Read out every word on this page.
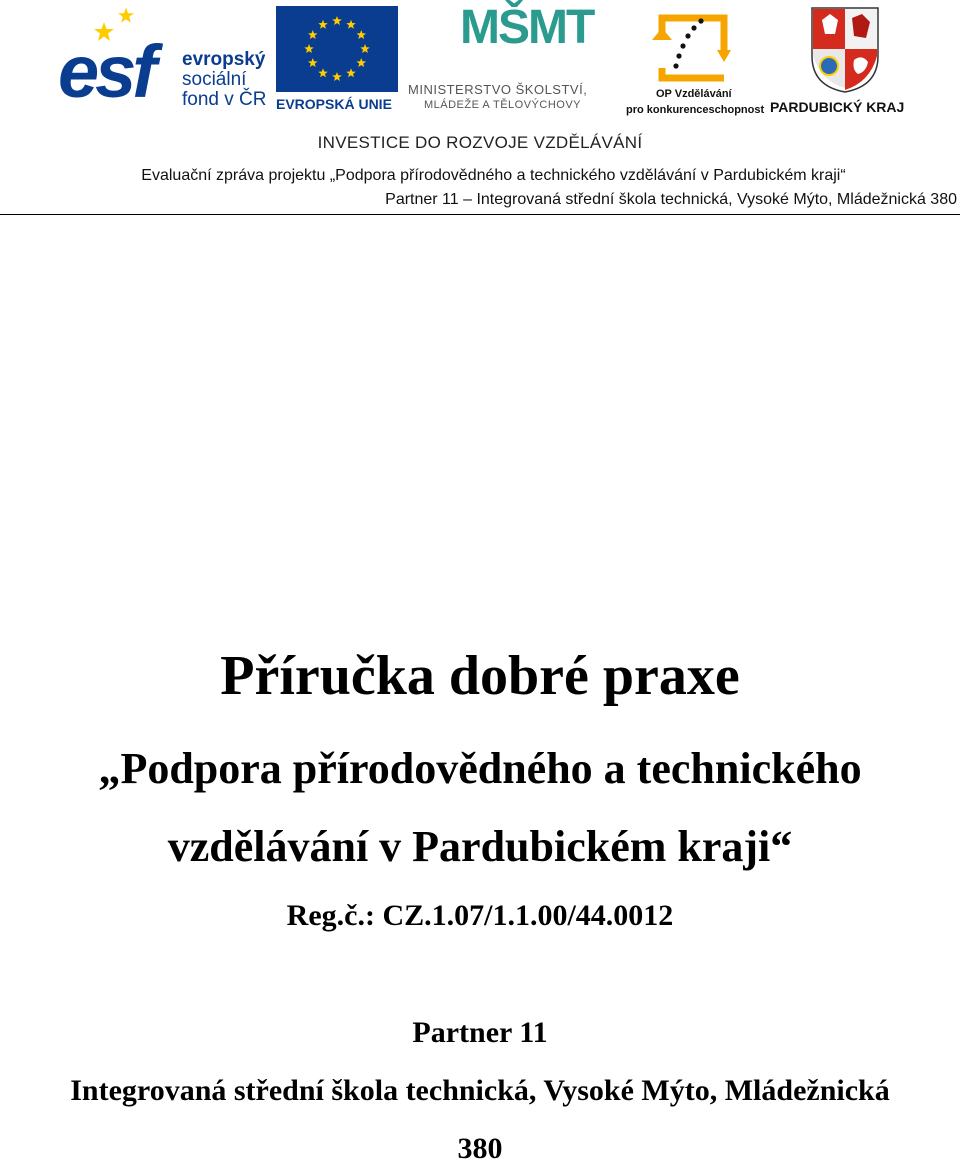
esf evropský
sociální
fond v ČR EVROPSKÁ UNIE
MŠMT
MINISTERSTVO ŠKOLSTVÍ,
MLÁDEŽE A TĚLOVÝCHOVY
OP Vzdělávání
pro konkurenceschopnost PARDUBICKÝ KRAJ
INVESTICE DO ROZVOJE VZDĚLÁVÁNÍ
Evaluační zpráva projektu „Podpora přírodovědného a technického vzdělávání v Pardubickém kraji“
Partner 11 – Integrovaná střední škola technická, Vysoké Mýto, Mládežnická 380
Příručka dobré praxe
„Podpora přírodovědného a technického
vzdělávání v Pardubickém kraji“
Reg.č.: CZ.1.07/1.1.00/44.0012
Partner 11
Integrovaná střední škola technická, Vysoké Mýto, Mládežnická
380
